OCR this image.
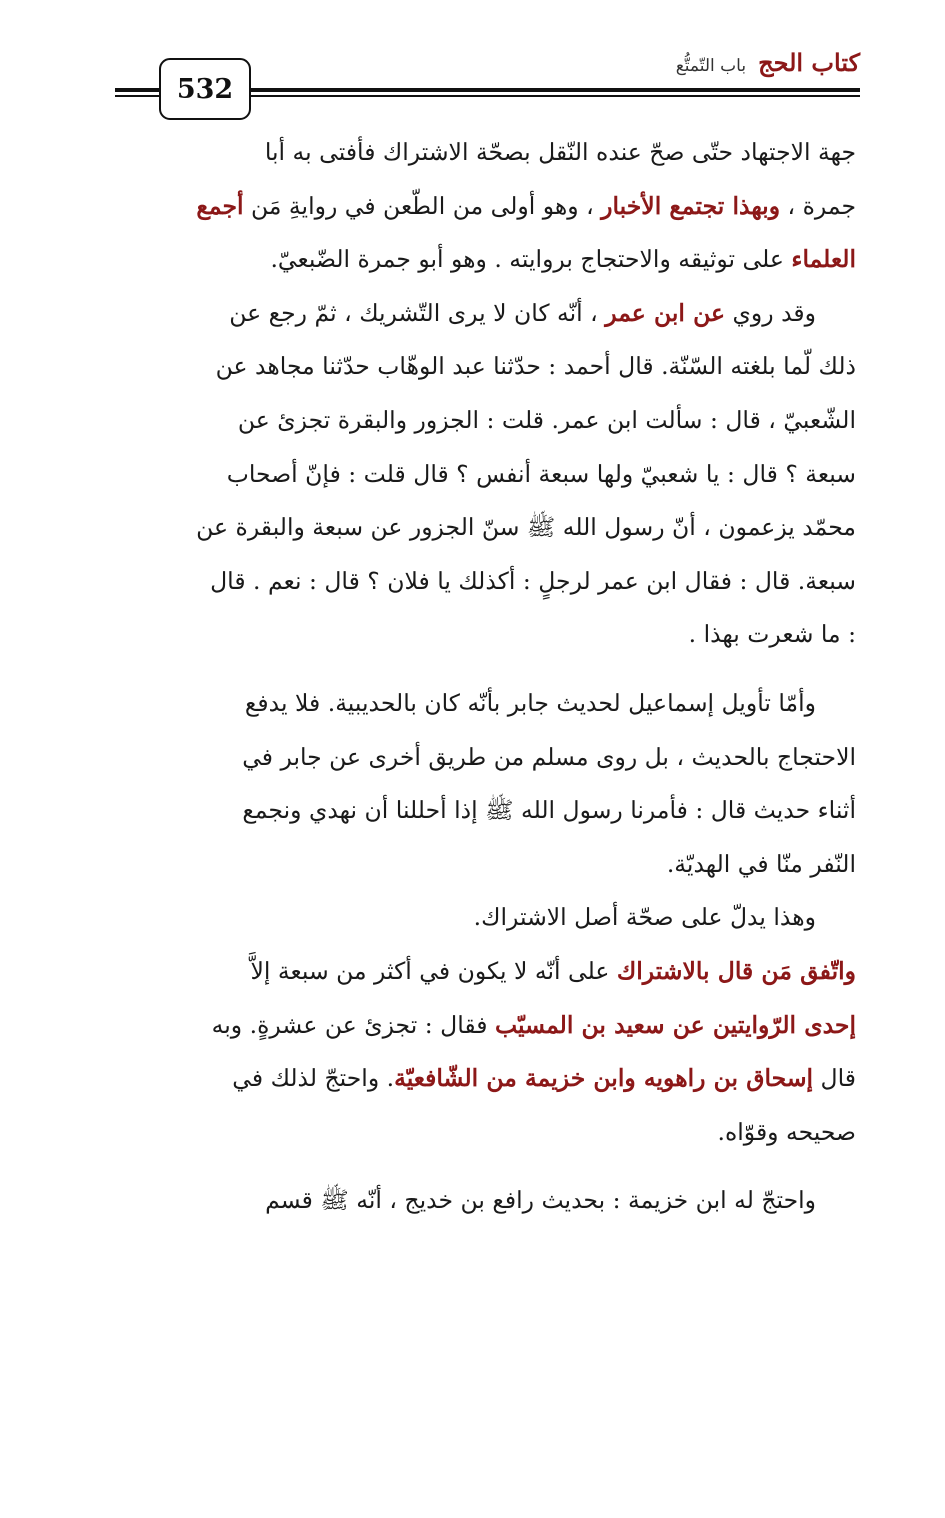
532
كتاب الحج
باب التّمتُّع
جهة الاجتهاد حتّى صحّ عنده النّقل بصحّة الاشتراك فأفتى به أبا
جمرة ، وبهذا تجتمع الأخبار ، وهو أولى من الطّعن في روايةِ مَن أجمع
العلماء على توثيقه والاحتجاج بروايته . وهو أبو جمرة الضّبعيّ.
وقد روي عن ابن عمر ، أنّه كان لا يرى التّشريك ، ثمّ رجع عن
ذلك لّما بلغته السّنّة. قال أحمد : حدّثنا عبد الوهّاب حدّثنا مجاهد عن
الشّعبيّ ، قال : سألت ابن عمر. قلت : الجزور والبقرة تجزئ عن
سبعة ؟ قال : يا شعبيّ ولها سبعة أنفس ؟ قال قلت : فإنّ أصحاب
محمّد يزعمون ، أنّ رسول الله ﷺ سنّ الجزور عن سبعة والبقرة عن
سبعة. قال : فقال ابن عمر لرجلٍ : أكذلك يا فلان ؟ قال : نعم . قال
: ما شعرت بهذا .
وأمّا تأويل إسماعيل لحديث جابر بأنّه كان بالحديبية. فلا يدفع
الاحتجاج بالحديث ، بل روى مسلم من طريق أخرى عن جابر في
أثناء حديث قال : فأمرنا رسول الله ﷺ إذا أحللنا أن نهدي ونجمع
النّفر منّا في الهديّة.
وهذا يدلّ على صحّة أصل الاشتراك.
واتّفق مَن قال بالاشتراك على أنّه لا يكون في أكثر من سبعة إلاَّ
إحدى الرّوايتين عن سعيد بن المسيّب فقال : تجزئ عن عشرةٍ. وبه
قال إسحاق بن راهويه وابن خزيمة من الشّافعيّة. واحتجّ لذلك في
صحيحه وقوّاه.
واحتجّ له ابن خزيمة : بحديث رافع بن خديج ، أنّه ﷺ قسم
